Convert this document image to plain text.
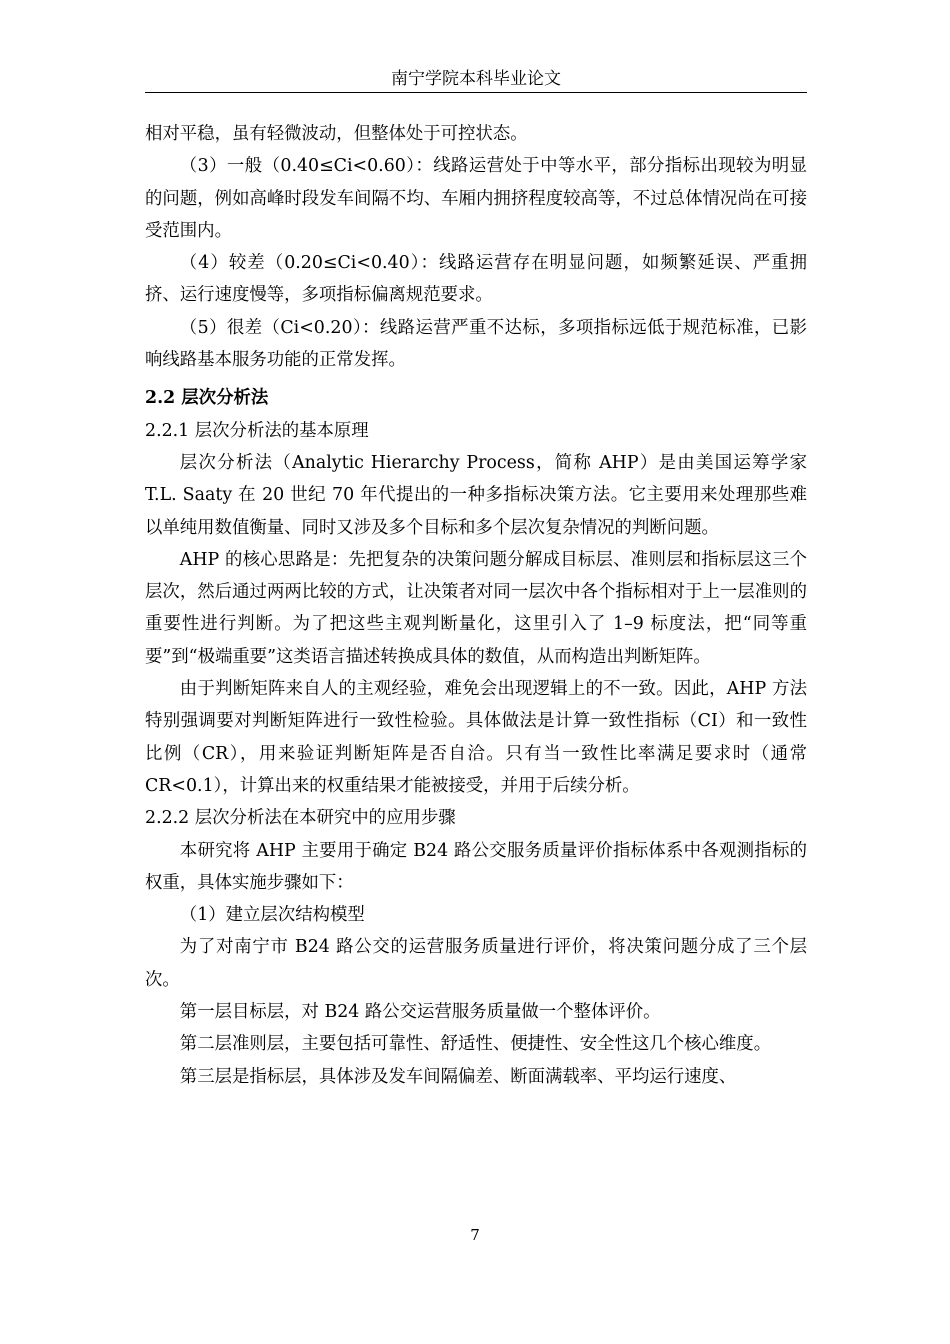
南宁学院本科毕业论文

相对平稳，虽有轻微波动，但整体处于可控状态。

（3）一般（0.40≤Ci<0.60）：线路运营处于中等水平，部分指标出现较为明显的问题，例如高峰时段发车间隔不均、车厢内拥挤程度较高等，不过总体情况尚在可接受范围内。

（4）较差（0.20≤Ci<0.40）：线路运营存在明显问题，如频繁延误、严重拥挤、运行速度慢等，多项指标偏离规范要求。

（5）很差（Ci<0.20）：线路运营严重不达标，多项指标远低于规范标准，已影响线路基本服务功能的正常发挥。

2.2 层次分析法

2.2.1 层次分析法的基本原理

层次分析法（Analytic Hierarchy Process，简称 AHP）是由美国运筹学家 T.L. Saaty 在 20 世纪 70 年代提出的一种多指标决策方法。它主要用来处理那些难以单纯用数值衡量、同时又涉及多个目标和多个层次复杂情况的判断问题。

AHP 的核心思路是：先把复杂的决策问题分解成目标层、准则层和指标层这三个层次，然后通过两两比较的方式，让决策者对同一层次中各个指标相对于上一层准则的重要性进行判断。为了把这些主观判断量化，这里引入了 1–9 标度法，把“同等重要”到“极端重要”这类语言描述转换成具体的数值，从而构造出判断矩阵。

由于判断矩阵来自人的主观经验，难免会出现逻辑上的不一致。因此，AHP 方法特别强调要对判断矩阵进行一致性检验。具体做法是计算一致性指标（CI）和一致性比例（CR），用来验证判断矩阵是否自洽。只有当一致性比率满足要求时（通常 CR<0.1），计算出来的权重结果才能被接受，并用于后续分析。

2.2.2 层次分析法在本研究中的应用步骤

本研究将 AHP 主要用于确定 B24 路公交服务质量评价指标体系中各观测指标的权重，具体实施步骤如下：

（1）建立层次结构模型

为了对南宁市 B24 路公交的运营服务质量进行评价，将决策问题分成了三个层次。

第一层目标层，对 B24 路公交运营服务质量做一个整体评价。

第二层准则层，主要包括可靠性、舒适性、便捷性、安全性这几个核心维度。

第三层是指标层，具体涉及发车间隔偏差、断面满载率、平均运行速度、

7
